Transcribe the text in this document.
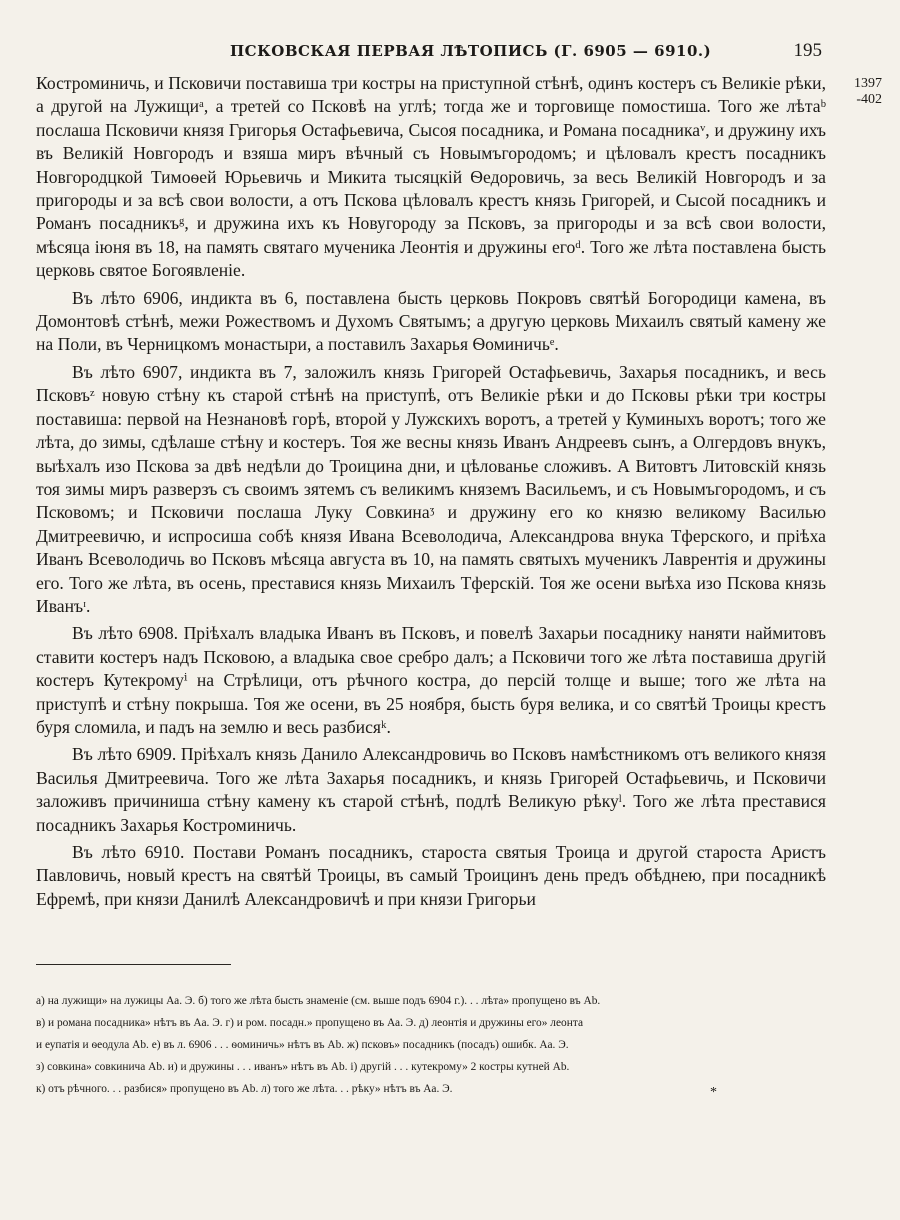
ПСКОВСКАЯ ПЕРВАЯ ЛѢТОПИСЬ (Г. 6905 — 6910.)	195
1397
-402

Костроминичь, и Псковичи поставиша три костры на приступной стѣнѣ, одинъ костеръ съ Великіе рѣки, а другой на Лужищиᵃ, а третей со Псковѣ на углѣ; тогда же и торговище помостиша. Того же лѣтаᵇ послаша Псковичи князя Григорья Остафьевича, Сысоя посадника, и Романа посадникаᵛ, и дружину ихъ въ Великій Новгородъ и взяша миръ вѣчный съ Новымъгородомъ; и цѣловалъ крестъ посадникъ Новгородцкой Тимоѳей Юрьевичь и Микита тысяцкій Ѳедоровичь, за весь Великій Новгородъ и за пригороды и за всѣ свои волости, а отъ Псковa цѣловалъ крестъ князь Григорей, и Сысой посадникъ и Романъ посадникъᵍ, и дружина ихъ къ Новугороду за Псковъ, за пригороды и за всѣ свои волости, мѣсяца іюня въ 18, на память святаго мученика Леонтія и дружины егоᵈ. Того же лѣта поставлена бысть церковь святое Богоявленіе.

Въ лѣто 6906, индикта въ 6, поставлена бысть церковь Покровъ святѣй Богородици камена, въ Домонтовѣ стѣнѣ, межи Рожествомъ и Духомъ Святымъ; а другую церковь Михаилъ святый камену же на Поли, въ Черницкомъ монастыри, а поставилъ Захарья Ѳоминичьᵉ.

Въ лѣто 6907, индикта въ 7, заложилъ князь Григорей Остафьевичь, Захарья посадникъ, и весь Псковъᶻ новую стѣну къ старой стѣнѣ на приступѣ, отъ Великіе рѣки и до Псковы рѣки три костры поставиша: первой на Незнановѣ горѣ, второй у Лужскихъ воротъ, а третей у Куминыхъ воротъ; того же лѣта, до зимы, сдѣлаше стѣну и костеръ. Тоя же весны князь Иванъ Андреевъ сынъ, а Олгердовъ внукъ, выѣхалъ изо Пскова за двѣ недѣли до Троицина дни, и цѣлованье сложивъ. А Витовтъ Литовскій князь тоя зимы миръ разверзъ съ своимъ зятемъ съ великимъ княземъ Васильемъ, и съ Новымъгородомъ, и съ Псковомъ; и Псковичи послаша Луку Совкинаᶾ и дружину его ко князю великому Василью Дмитреевичю, и испросиша собѣ князя Ивана Всеволодича, Александрова внука Тферского, и пріѣха Иванъ Всеволодичь во Псковъ мѣсяца августа въ 10, на память святыхъ мученикъ Лаврентія и дружины его. Того же лѣта, въ осень, преставися князь Михаилъ Тферскій. Тоя же осени выѣха изо Пскова князь Иванъᶦ.

Въ лѣто 6908. Пріѣхалъ владыка Иванъ въ Псковъ, и повелѣ Захарьи посаднику наняти наймитовъ ставити костеръ надъ Псковою, а владыка свое сребро далъ; а Псковичи того же лѣта поставиша другій костеръ Кутекромуⁱ на Стрѣлици, отъ рѣчного костра, до персій толще и выше; того же лѣта на приступѣ и стѣну покрыша. Тоя же осени, въ 25 ноября, бысть буря велика, и со святѣй Троицы крестъ буря сломила, и падъ на землю и весь разбисяᵏ.

Въ лѣто 6909. Пріѣхалъ князь Данило Александровичь во Псковъ намѣстникомъ отъ великого князя Василья Дмитреевича. Того же лѣта Захарья посадникъ, и князь Григорей Остафьевичь, и Псковичи заложивъ причиниша стѣну камену къ старой стѣнѣ, подлѣ Великую рѣкуˡ. Того же лѣта преставися посадникъ Захарья Костроминичь.

Въ лѣто 6910. Постави Романъ посадникъ, староста святыя Троица и другой староста Аристъ Павловичь, новый крестъ на святѣй Троицы, въ самый Троицинъ день предъ обѣднею, при посадникѣ Ефремѣ, при князи Данилѣ Александровичѣ и при князи Григорьи

а) на лужищи» на лужицы Аа. Э. б) того же лѣта бысть знаменіе (см. выше подъ 6904 г.). . . лѣта» пропущено въ Аb.

в) и романа посадника» нѣтъ въ Аа. Э. г) и ром. посадн.» пропущено въ Аа. Э. д) леонтія и дружины его» леонта

и еупатія и ѳеодула Аb. е) въ л. 6906 . . . ѳоминичь» нѣтъ въ Аb. ж) псковъ» посадникъ (посадъ) ошибк. Аа. Э.

з) совкина» совкинича Аb. и) и дружины . . . иванъ» нѣтъ въ Аb. і) другій . . . кутекрому» 2 костры кутней Аb.

к) отъ рѣчного. . . разбися» пропущено въ Аb. л) того же лѣта. . . рѣку» нѣтъ въ Аа. Э.	*
